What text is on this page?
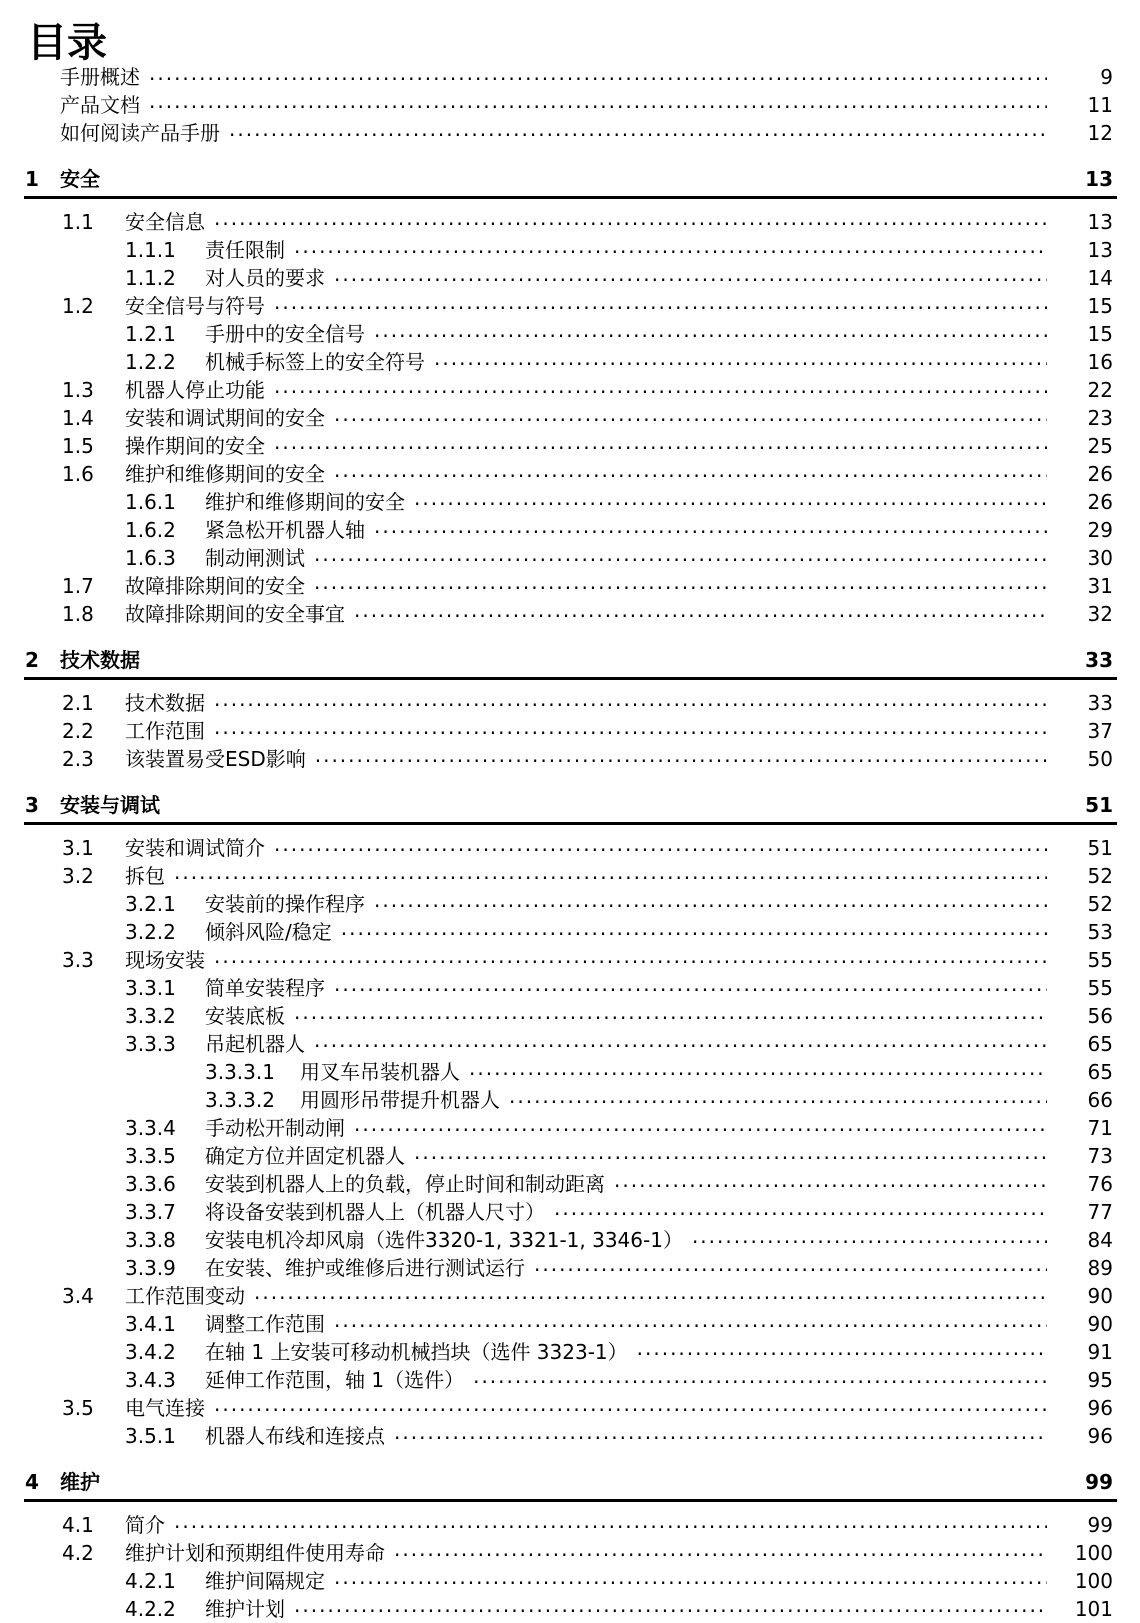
目录
手册概述 .....	9
产品文档 .....	11
如何阅读产品手册 .....	12
1	安全	13
1.1	安全信息 .....	13
1.1.1	责任限制 .....	13
1.1.2	对人员的要求 .....	14
1.2	安全信号与符号 .....	15
1.2.1	手册中的安全信号 .....	15
1.2.2	机械手标签上的安全符号 .....	16
1.3	机器人停止功能 .....	22
1.4	安装和调试期间的安全 .....	23
1.5	操作期间的安全 .....	25
1.6	维护和维修期间的安全 .....	26
1.6.1	维护和维修期间的安全 .....	26
1.6.2	紧急松开机器人轴 .....	29
1.6.3	制动闸测试 .....	30
1.7	故障排除期间的安全 .....	31
1.8	故障排除期间的安全事宜 .....	32
2	技术数据	33
2.1	技术数据 .....	33
2.2	工作范围 .....	37
2.3	该装置易受ESD影响 .....	50
3	安装与调试	51
3.1	安装和调试简介 .....	51
3.2	拆包 .....	52
3.2.1	安装前的操作程序 .....	52
3.2.2	倾斜风险/稳定 .....	53
3.3	现场安装 .....	55
3.3.1	简单安装程序 .....	55
3.3.2	安装底板 .....	56
3.3.3	吊起机器人 .....	65
3.3.3.1	用叉车吊装机器人 .....	65
3.3.3.2	用圆形吊带提升机器人 .....	66
3.3.4	手动松开制动闸 .....	71
3.3.5	确定方位并固定机器人 .....	73
3.3.6	安装到机器人上的负载，停止时间和制动距离 .....	76
3.3.7	将设备安装到机器人上（机器人尺寸） .....	77
3.3.8	安装电机冷却风扇（选件3320-1, 3321-1, 3346-1） .....	84
3.3.9	在安装、维护或维修后进行测试运行 .....	89
3.4	工作范围变动 .....	90
3.4.1	调整工作范围 .....	90
3.4.2	在轴 1 上安装可移动机械挡块（选件 3323-1） .....	91
3.4.3	延伸工作范围，轴 1（选件） .....	95
3.5	电气连接 .....	96
3.5.1	机器人布线和连接点 .....	96
4	维护	99
4.1	简介 .....	99
4.2	维护计划和预期组件使用寿命 .....	100
4.2.1	维护间隔规定 .....	100
4.2.2	维护计划 .....	101
